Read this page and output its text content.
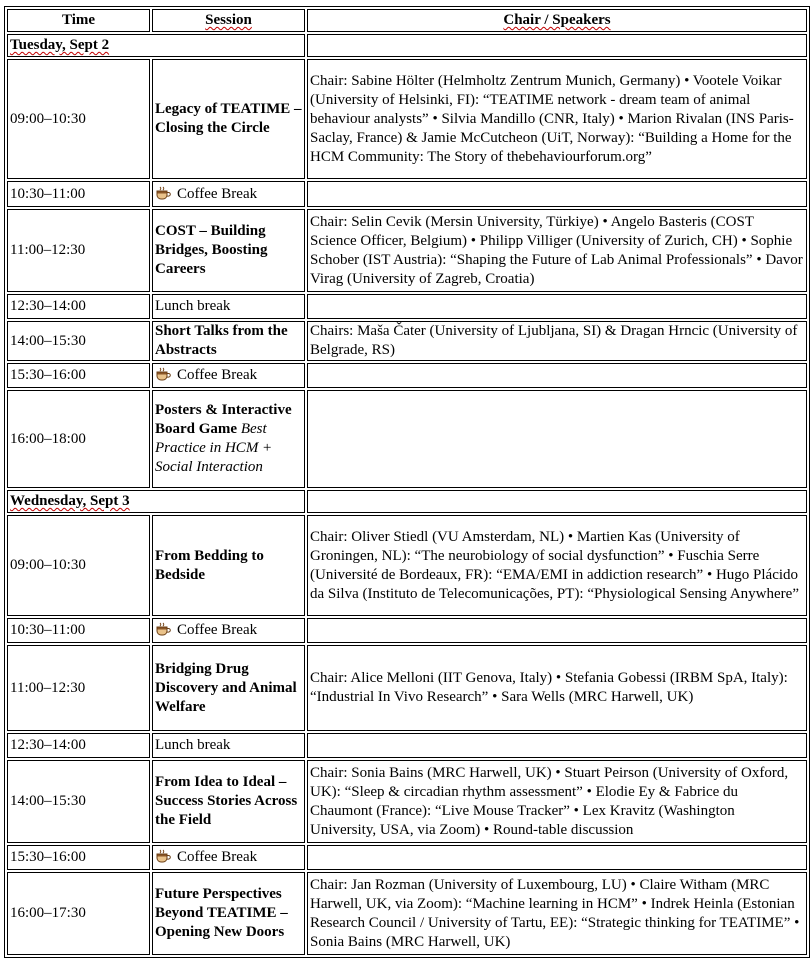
Time	Session	Chair / Speakers
Tuesday, Sept 2		
09:00–10:30	Legacy of TEATIME – Closing the Circle	Chair: Sabine Hölter (Helmholtz Zentrum Munich, Germany) • Vootele Voikar (University of Helsinki, FI): “TEATIME network - dream team of animal behaviour analysts” • Silvia Mandillo (CNR, Italy) • Marion Rivalan (INS Paris-Saclay, France) & Jamie McCutcheon (UiT, Norway): “Building a Home for the HCM Community: The Story of thebehaviourforum.org”
10:30–11:00	Coffee Break	
11:00–12:30	COST – Building Bridges, Boosting Careers	Chair: Selin Cevik (Mersin University, Türkiye) • Angelo Basteris (COST Science Officer, Belgium) • Philipp Villiger (University of Zurich, CH) • Sophie Schober (IST Austria): “Shaping the Future of Lab Animal Professionals” • Davor Virag (University of Zagreb, Croatia)
12:30–14:00	Lunch break	
14:00–15:30	Short Talks from the Abstracts	Chairs: Maša Čater (University of Ljubljana, SI) & Dragan Hrncic (University of Belgrade, RS)
15:30–16:00	Coffee Break	
16:00–18:00	Posters & Interactive Board Game Best Practice in HCM + Social Interaction	
Wednesday, Sept 3		
09:00–10:30	From Bedding to Bedside	Chair: Oliver Stiedl (VU Amsterdam, NL) • Martien Kas (University of Groningen, NL): “The neurobiology of social dysfunction” • Fuschia Serre (Université de Bordeaux, FR): “EMA/EMI in addiction research” • Hugo Plácido da Silva (Instituto de Telecomunicações, PT): “Physiological Sensing Anywhere”
10:30–11:00	Coffee Break	
11:00–12:30	Bridging Drug Discovery and Animal Welfare	Chair: Alice Melloni (IIT Genova, Italy) • Stefania Gobessi (IRBM SpA, Italy): “Industrial In Vivo Research” • Sara Wells (MRC Harwell, UK)
12:30–14:00	Lunch break	
14:00–15:30	From Idea to Ideal – Success Stories Across the Field	Chair: Sonia Bains (MRC Harwell, UK) • Stuart Peirson (University of Oxford, UK): “Sleep & circadian rhythm assessment” • Elodie Ey & Fabrice du Chaumont (France): “Live Mouse Tracker” • Lex Kravitz (Washington University, USA, via Zoom) • Round-table discussion
15:30–16:00	Coffee Break	
16:00–17:30	Future Perspectives Beyond TEATIME – Opening New Doors	Chair: Jan Rozman (University of Luxembourg, LU) • Claire Witham (MRC Harwell, UK, via Zoom): “Machine learning in HCM” • Indrek Heinla (Estonian Research Council / University of Tartu, EE): “Strategic thinking for TEATIME” • Sonia Bains (MRC Harwell, UK)
